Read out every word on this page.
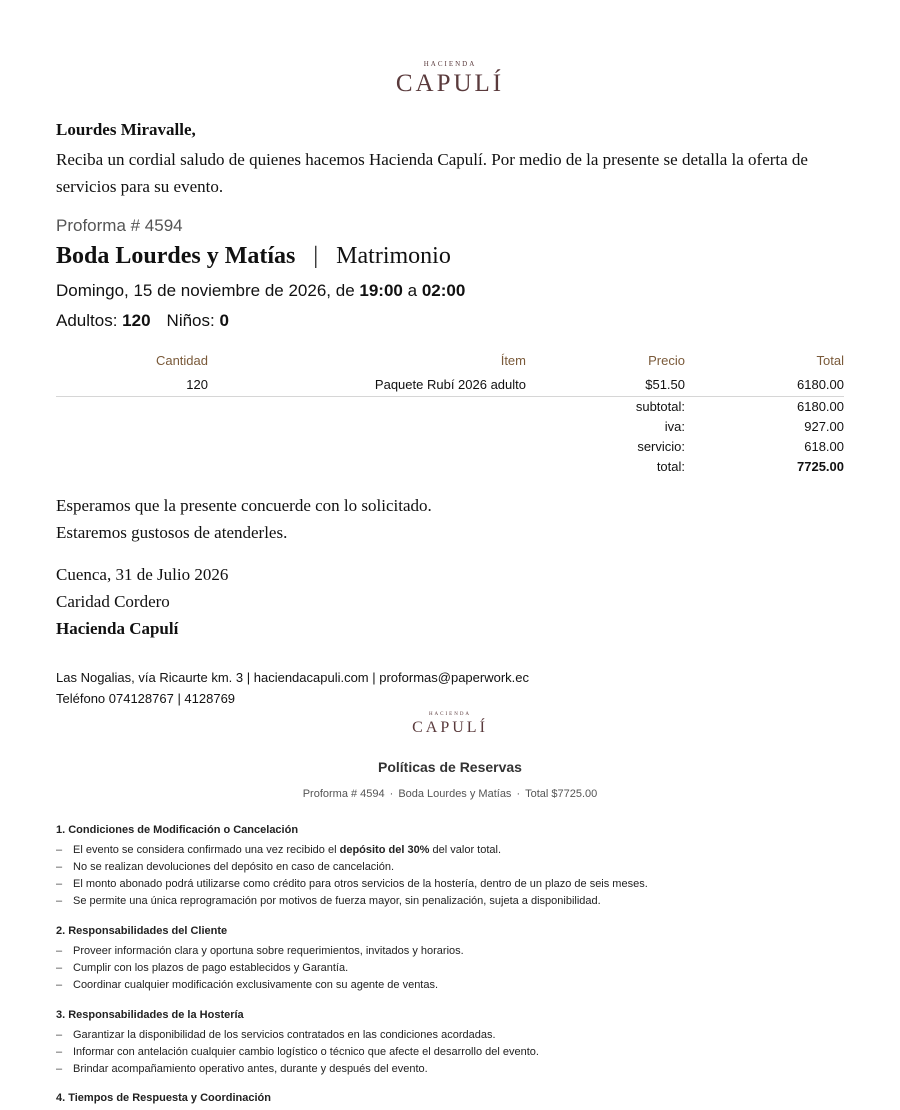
HACIENDA
CAPULÍ
Lourdes Miravalle,
Reciba un cordial saludo de quienes hacemos Hacienda Capulí. Por medio de la presente se detalla la oferta de servicios para su evento.
Proforma # 4594
Boda Lourdes y Matías | Matrimonio
Domingo, 15 de noviembre de 2026, de 19:00 a 02:00
Adultos: 120 Niños: 0
Cantidad	Ítem	Precio	Total
120	Paquete Rubí 2026 adulto	$51.50	6180.00
subtotal:	6180.00
iva:	927.00
servicio:	618.00
total:	7725.00
Esperamos que la presente concuerde con lo solicitado.
Estaremos gustosos de atenderles.
Cuenca, 31 de Julio 2026
Caridad Cordero
Hacienda Capulí
Las Nogalias, vía Ricaurte km. 3 | haciendacapuli.com | proformas@paperwork.ec
Teléfono 074128767 | 4128769
HACIENDA
CAPULÍ
Políticas de Reservas
Proforma # 4594 · Boda Lourdes y Matías · Total $7725.00
1. Condiciones de Modificación o Cancelación
– El evento se considera confirmado una vez recibido el depósito del 30% del valor total.
– No se realizan devoluciones del depósito en caso de cancelación.
– El monto abonado podrá utilizarse como crédito para otros servicios de la hostería, dentro de un plazo de seis meses.
– Se permite una única reprogramación por motivos de fuerza mayor, sin penalización, sujeta a disponibilidad.
2. Responsabilidades del Cliente
– Proveer información clara y oportuna sobre requerimientos, invitados y horarios.
– Cumplir con los plazos de pago establecidos y Garantía.
– Coordinar cualquier modificación exclusivamente con su agente de ventas.
3. Responsabilidades de la Hostería
– Garantizar la disponibilidad de los servicios contratados en las condiciones acordadas.
– Informar con antelación cualquier cambio logístico o técnico que afecte el desarrollo del evento.
– Brindar acompañamiento operativo antes, durante y después del evento.
4. Tiempos de Respuesta y Coordinación
